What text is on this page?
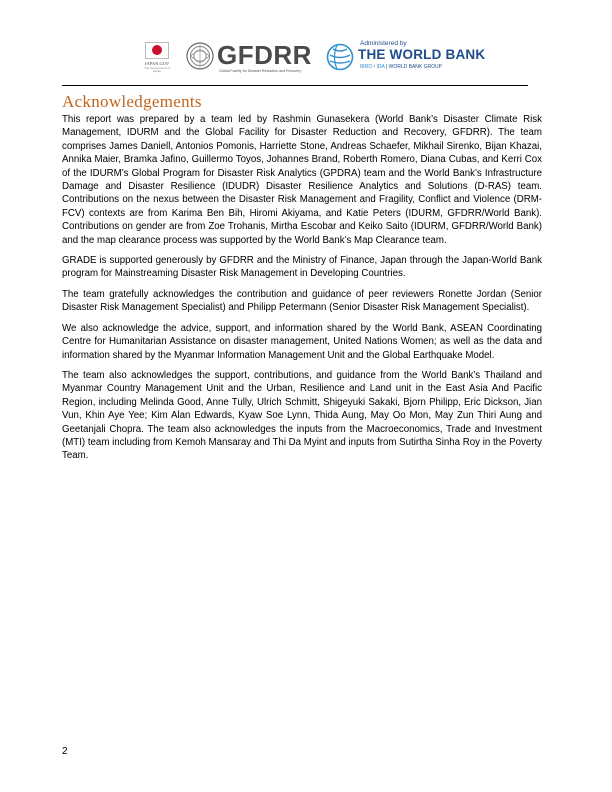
JAPAN.GOV
The Government of Japan
GFDRR
Global Facility for Disaster Reduction and Recovery
Administered by
THE WORLD BANK
IBRD • IDA | WORLD BANK GROUP
Acknowledgements

This report was prepared by a team led by Rashmin Gunasekera (World Bank’s Disaster Climate Risk Management, IDURM and the Global Facility for Disaster Reduction and Recovery, GFDRR). The team comprises James Daniell, Antonios Pomonis, Harriette Stone, Andreas Schaefer, Mikhail Sirenko, Bijan Khazai, Annika Maier, Bramka Jafino, Guillermo Toyos, Johannes Brand, Roberth Romero, Diana Cubas, and Kerri Cox of the IDURM’s Global Program for Disaster Risk Analytics (GPDRA) team and the World Bank’s Infrastructure Damage and Disaster Resilience (IDUDR) Disaster Resilience Analytics and Solutions (D-RAS) team. Contributions on the nexus between the Disaster Risk Management and Fragility, Conflict and Violence (DRM-FCV) contexts are from Karima Ben Bih, Hiromi Akiyama, and Katie Peters (IDURM, GFDRR/World Bank). Contributions on gender are from Zoe Trohanis, Mirtha Escobar and Keiko Saito (IDURM, GFDRR/World Bank) and the map clearance process was supported by the World Bank’s Map Clearance team.

GRADE is supported generously by GFDRR and the Ministry of Finance, Japan through the Japan-World Bank program for Mainstreaming Disaster Risk Management in Developing Countries.

The team gratefully acknowledges the contribution and guidance of peer reviewers Ronette Jordan (Senior Disaster Risk Management Specialist) and Philipp Petermann (Senior Disaster Risk Management Specialist).

We also acknowledge the advice, support, and information shared by the World Bank, ASEAN Coordinating Centre for Humanitarian Assistance on disaster management, United Nations Women; as well as the data and information shared by the Myanmar Information Management Unit and the Global Earthquake Model.

The team also acknowledges the support, contributions, and guidance from the World Bank’s Thailand and Myanmar Country Management Unit and the Urban, Resilience and Land unit in the East Asia And Pacific Region, including Melinda Good, Anne Tully, Ulrich Schmitt, Shigeyuki Sakaki, Bjorn Philipp, Eric Dickson, Jian Vun, Khin Aye Yee; Kim Alan Edwards, Kyaw Soe Lynn, Thida Aung, May Oo Mon, May Zun Thiri Aung and Geetanjali Chopra. The team also acknowledges the inputs from the Macroeconomics, Trade and Investment (MTI) team including from Kemoh Mansaray and Thi Da Myint and inputs from Sutirtha Sinha Roy in the Poverty Team.

2
